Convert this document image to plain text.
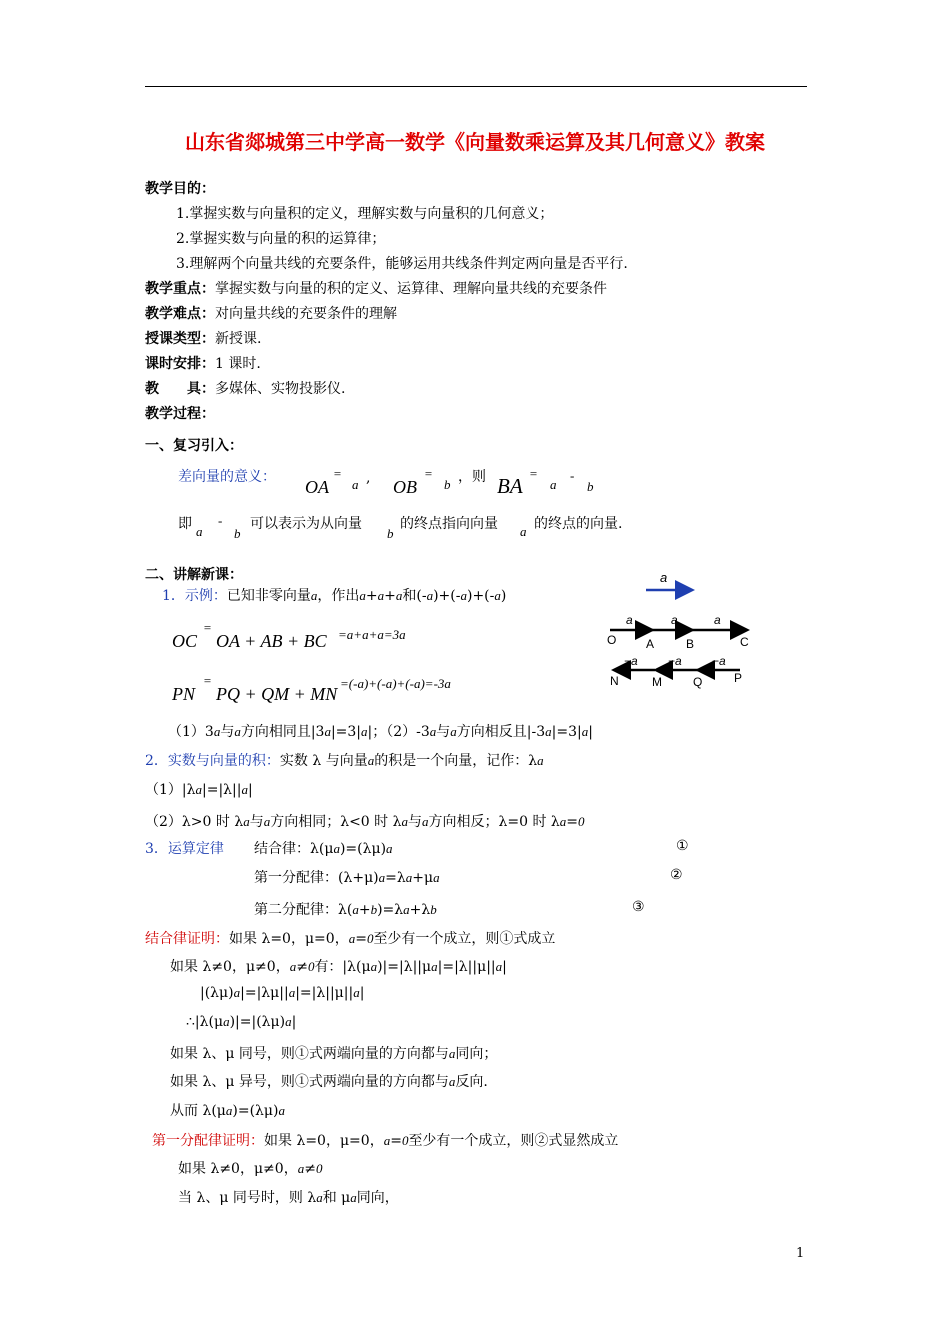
山东省郯城第三中学高一数学《向量数乘运算及其几何意义》教案
教学目的：
1.掌握实数与向量积的定义，理解实数与向量积的几何意义；
2.掌握实数与向量的积的运算律；
3.理解两个向量共线的充要条件，能够运用共线条件判定两向量是否平行.
教学重点：掌握实数与向量的积的定义、运算律、理解向量共线的充要条件
教学难点：对向量共线的充要条件的理解
授课类型：新授课.
课时安排：1 课时.
教　　具：多媒体、实物投影仪.
教学过程：
一、复习引入：
差向量的意义： OA
=
a , OB
=
b ，则 BA
=
a
-
b
即 a
-
b
可以表示为从向量
b
的终点指向向量 a 的终点的向量.
二、讲解新课：
1．示例：已知非零向量a，作出a+a+a和(-a)+(-a)+(-a)
OC
=
OA + AB + BC =a+a+a=3a
PN
=
PQ + QM + MN
=(-a)+(-a)+(-a)=-3a
a
a	a	a
O A	B	C
−a	−a	−a
N	M	Q	P
（1）3a与a方向相同且|3a|=3|a|；（2）-3a与a方向相反且|-3a|=3|a|
2．实数与向量的积：实数 λ 与向量a的积是一个向量，记作：λa
（1）|λa|=|λ||a|
（2）λ>0 时 λa与a方向相同；λ<0 时 λa与a方向相反；λ=0 时 λa=0
3．运算定律 结合律：λ(μa)=(λμ)a	①
第一分配律：(λ+μ)a=λa+μa	②
第二分配律：λ(a+b)=λa+λb	③
结合律证明：如果 λ=0，μ=0，a=0至少有一个成立，则①式成立
如果 λ≠0，μ≠0，a≠0有：|λ(μa)|=|λ||μa|=|λ||μ||a|
|(λμ)a|=|λμ||a|=|λ||μ||a|
∴|λ(μa)|=|(λμ)a|
如果 λ、μ 同号，则①式两端向量的方向都与a同向；
如果 λ、μ 异号，则①式两端向量的方向都与a反向.
从而 λ(μa)=(λμ)a
第一分配律证明：如果 λ=0，μ=0，a=0至少有一个成立，则②式显然成立
如果 λ≠0，μ≠0，a≠0
当 λ、μ 同号时，则 λa和 μa同向，
1
